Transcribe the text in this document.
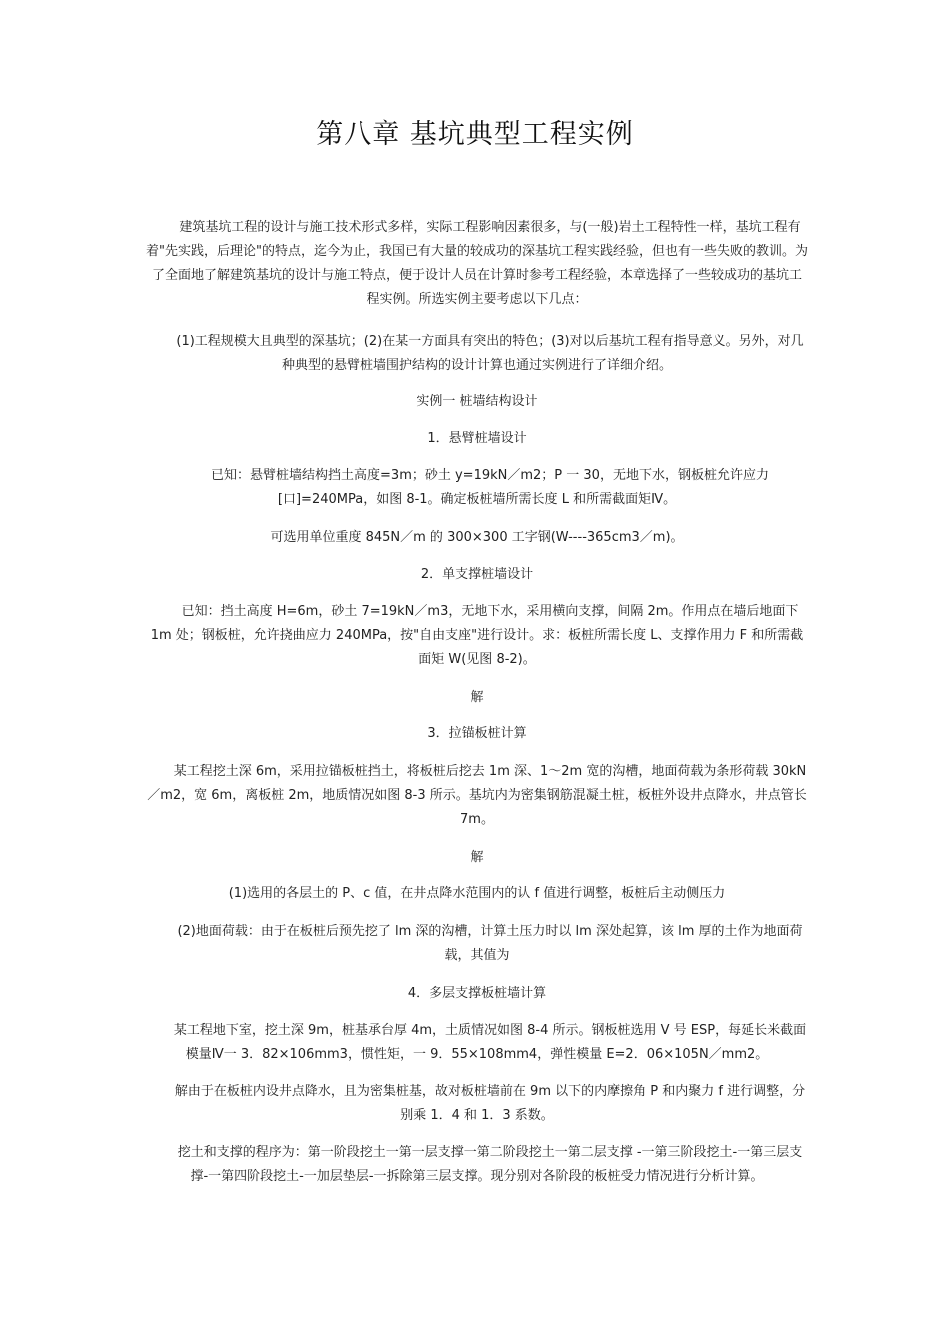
第八章 基坑典型工程实例

建筑基坑工程的设计与施工技术形式多样，实际工程影响因素很多，与(一般)岩土工程特性一样，基坑工程有着"先实践，后理论"的特点，迄今为止，我国已有大量的较成功的深基坑工程实践经验，但也有一些失败的教训。为了全面地了解建筑基坑的设计与施工特点，便于设计人员在计算时参考工程经验，本章选择了一些较成功的基坑工程实例。所选实例主要考虑以下几点：

(1)工程规模大且典型的深基坑；(2)在某一方面具有突出的特色；(3)对以后基坑工程有指导意义。另外，对几种典型的悬臂桩墙围护结构的设计计算也通过实例进行了详细介绍。

实例一 桩墙结构设计

1．悬臂桩墙设计

已知：悬臂桩墙结构挡土高度=3m；砂土 y=19kN／m2；P 一 30，无地下水，钢板桩允许应力[口]=240MPa，如图 8-1。确定板桩墙所需长度 L 和所需截面矩Ⅳ。

可选用单位重度 845N／m 的 300×300 工字钢(W----365cm3／m)。

2．单支撑桩墙设计

已知：挡土高度 H=6m，砂土 7=19kN／m3，无地下水，采用横向支撑，间隔 2m。作用点在墙后地面下 1m 处；钢板桩，允许挠曲应力 240MPa，按"自由支座"进行设计。求：板桩所需长度 L、支撑作用力 F 和所需截面矩 W(见图 8-2)。

解

3．拉锚板桩计算

某工程挖土深 6m，采用拉锚板桩挡土，将板桩后挖去 1m 深、1～2m 宽的沟槽，地面荷载为条形荷载 30kN／m2，宽 6m，离板桩 2m，地质情况如图 8-3 所示。基坑内为密集钢筋混凝土桩，板桩外设井点降水，井点管长 7m。

解

(1)选用的各层土的 P、c 值，在井点降水范围内的认 f 值进行调整，板桩后主动侧压力

(2)地面荷载：由于在板桩后预先挖了 lm 深的沟槽，计算土压力时以 lm 深处起算，该 lm 厚的土作为地面荷载，其值为

4．多层支撑板桩墙计算

某工程地下室，挖土深 9m，桩基承台厚 4m，土质情况如图 8-4 所示。钢板桩选用 V 号 ESP，每延长米截面模量Ⅳ一 3．82×106mm3，惯性矩，一 9．55×108mm4，弹性模量 E=2．06×105N／mm2。

解由于在板桩内设井点降水，且为密集桩基，故对板桩墙前在 9m 以下的内摩擦角 P 和内聚力 f 进行调整，分别乘 1．4 和 1．3 系数。

挖土和支撑的程序为：第一阶段挖土一第一层支撑一第二阶段挖土一第二层支撑 -一第三阶段挖土-一第三层支撑-一第四阶段挖土-一加层垫层-一拆除第三层支撑。现分别对各阶段的板桩受力情况进行分析计算。
